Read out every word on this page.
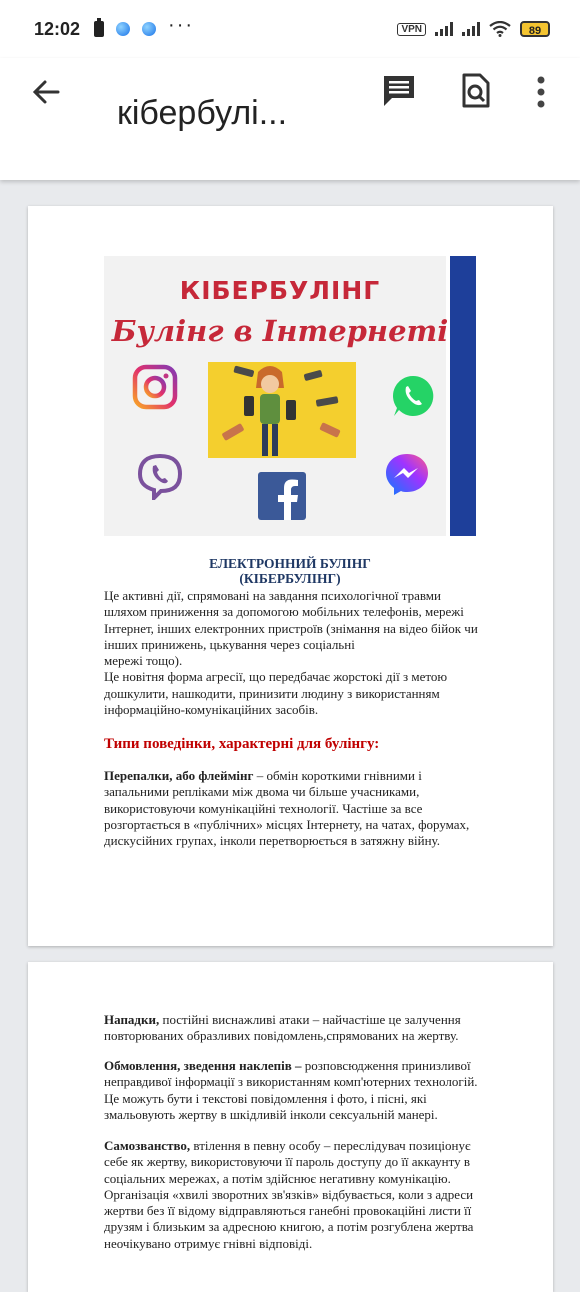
12:02	···	VPN	89
кібербулі...
КІБЕРБУЛІНГ
Булінг в Інтернеті
ЕЛЕКТРОННИЙ БУЛІНГ
(КІБЕРБУЛІНГ)

Це активні дії, спрямовані на завдання психологічної травми

шляхом приниження за допомогою мобільних телефонів, мережі

Інтернет, інших електронних пристроїв (знімання на відео бійок чи

інших принижень, цькування через соціальні

мережі тощо).

Це новітня форма агресії, що передбачає жорстокі дії з метою

дошкулити, нашкодити, принизити людину з використанням

інформаційно-комунікаційних засобів.

Типи поведінки, характерні для булінгу:

Перепалки, або флеймінг – обмін короткими гнівними і

запальними репліками між двома чи більше учасниками,

використовуючи комунікаційні технології. Частіше за все

розгортається в «публічних» місцях Інтернету, на чатах, форумах,

дискусійних групах, інколи перетворюється в затяжну війну.

Нападки, постійні виснажливі атаки – найчастіше це залучення

повторюваних образливих повідомлень,спрямованих на жертву.

Обмовлення, зведення наклепів – розповсюдження принизливої

неправдивої інформації з використанням комп'ютерних технологій.

Це можуть бути і текстові повідомлення і фото, і пісні, які

змальовують жертву в шкідливій інколи сексуальній манері.

Самозванство, втілення в певну особу – переслідувач позиціонує

себе як жертву, використовуючи її пароль доступу до її аккаунту в

соціальних мережах, а потім здійснює негативну комунікацію.

Організація «хвилі зворотних зв'язків» відбувається, коли з адреси

жертви без її відому відправляються ганебні провокаційні листи її

друзям і близьким за адресною книгою, а потім розгублена жертва

неочікувано отримує гнівні відповіді.
